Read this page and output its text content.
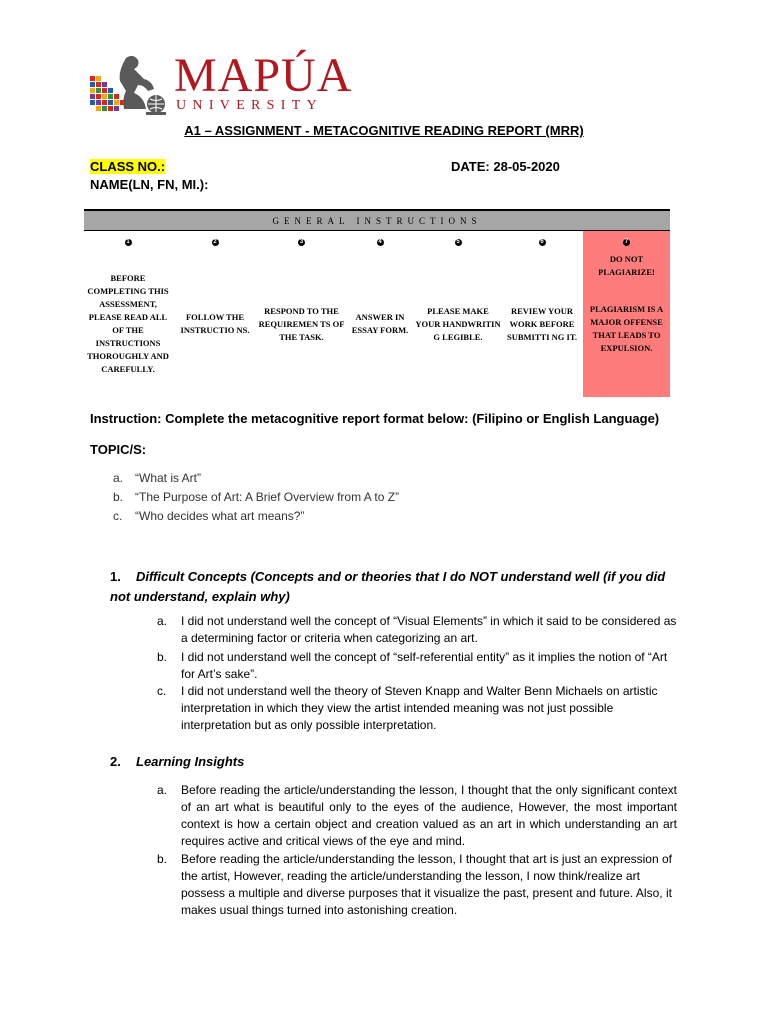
MAPÚA
UNIVERSITY
A1 – ASSIGNMENT - METACOGNITIVE READING REPORT (MRR)
CLASS NO.:	DATE: 28-05-2020
NAME(LN, FN, MI.):
GENERAL INSTRUCTIONS						
1	2	3	4	5	6	7
BEFORE COMPLETING THIS ASSESSMENT, PLEASE READ ALL OF THE INSTRUCTIONS THOROUGHLY AND CAREFULLY.	FOLLOW THE INSTRUCTIO NS.	RESPOND TO THE REQUIREMEN TS OF THE TASK.	ANSWER IN ESSAY FORM.	PLEASE MAKE YOUR HANDWRITIN G LEGIBLE.	REVIEW YOUR WORK BEFORE SUBMITTI NG IT.	DO NOT PLAGIARIZE!
PLAGIARISM IS A MAJOR OFFENSE THAT LEADS TO EXPULSION.
Instruction: Complete the metacognitive report format below: (Filipino or English Language)
TOPIC/S:
a. “What is Art”
b. “The Purpose of Art: A Brief Overview from A to Z”
c. “Who decides what art means?”
1. Difficult Concepts (Concepts and or theories that I do NOT understand well (if you did not understand, explain why)
a. I did not understand well the concept of “Visual Elements” in which it said to be considered as a determining factor or criteria when categorizing an art.
b. I did not understand well the concept of “self-referential entity” as it implies the notion of “Art for Art’s sake”.
c. I did not understand well the theory of Steven Knapp and Walter Benn Michaels on artistic interpretation in which they view the artist intended meaning was not just possible interpretation but as only possible interpretation.
2. Learning Insights
a. Before reading the article/understanding the lesson, I thought that the only significant context of an art what is beautiful only to the eyes of the audience, However, the most important context is how a certain object and creation valued as an art in which understanding an art requires active and critical views of the eye and mind.
b. Before reading the article/understanding the lesson, I thought that art is just an expression of the artist, However, reading the article/understanding the lesson, I now think/realize art possess a multiple and diverse purposes that it visualize the past, present and future. Also, it makes usual things turned into astonishing creation.
